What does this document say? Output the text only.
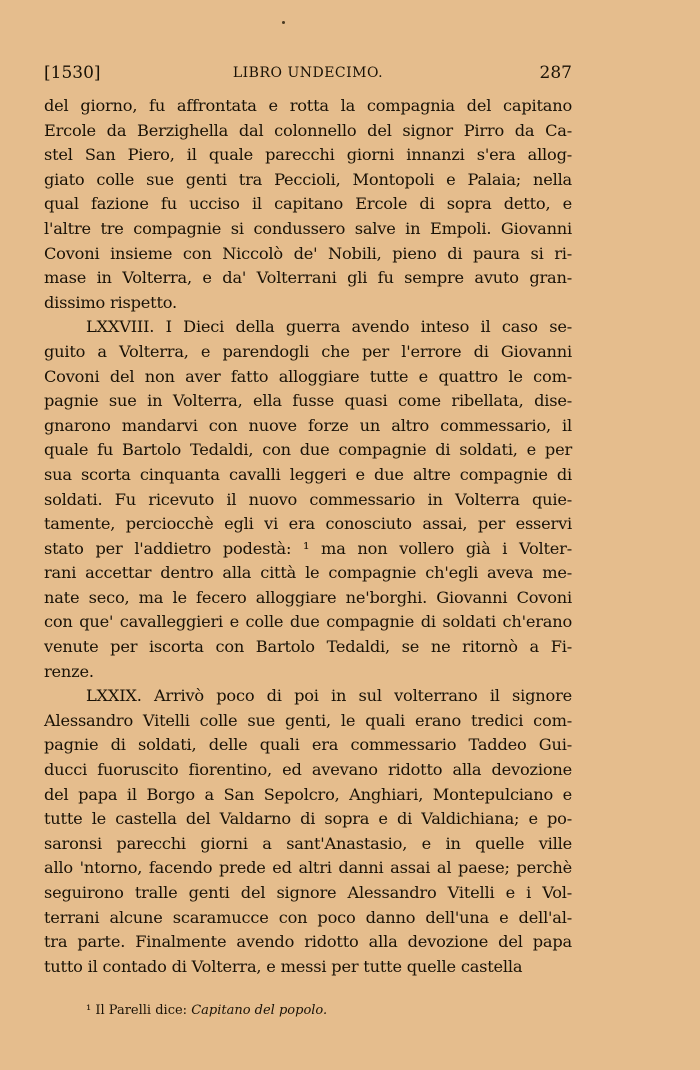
[1530]	LIBRO UNDECIMO.	287
del giorno, fu affrontata e rotta la compagnia del capitano
Ercole da Berzighella dal colonnello del signor Pirro da Ca-
stel San Piero, il quale parecchi giorni innanzi s'era allog-
giato colle sue genti tra Peccioli, Montopoli e Palaia; nella
qual fazione fu ucciso il capitano Ercole di sopra detto, e
l'altre tre compagnie si condussero salve in Empoli. Giovanni
Covoni insieme con Niccolò de' Nobili, pieno di paura si ri-
mase in Volterra, e da' Volterrani gli fu sempre avuto gran-
dissimo rispetto.
LXXVIII. I Dieci della guerra avendo inteso il caso se-
guito a Volterra, e parendogli che per l'errore di Giovanni
Covoni del non aver fatto alloggiare tutte e quattro le com-
pagnie sue in Volterra, ella fusse quasi come ribellata, dise-
gnarono mandarvi con nuove forze un altro commessario, il
quale fu Bartolo Tedaldi, con due compagnie di soldati, e per
sua scorta cinquanta cavalli leggeri e due altre compagnie di
soldati. Fu ricevuto il nuovo commessario in Volterra quie-
tamente, perciocchè egli vi era conosciuto assai, per esservi
stato per l'addietro podestà: ¹ ma non vollero già i Volter-
rani accettar dentro alla città le compagnie ch'egli aveva me-
nate seco, ma le fecero alloggiare ne'borghi. Giovanni Covoni
con que' cavalleggieri e colle due compagnie di soldati ch'erano
venute per iscorta con Bartolo Tedaldi, se ne ritornò a Fi-
renze.
LXXIX. Arrivò poco di poi in sul volterrano il signore
Alessandro Vitelli colle sue genti, le quali erano tredici com-
pagnie di soldati, delle quali era commessario Taddeo Gui-
ducci fuoruscito fiorentino, ed avevano ridotto alla devozione
del papa il Borgo a San Sepolcro, Anghiari, Montepulciano e
tutte le castella del Valdarno di sopra e di Valdichiana; e po-
saronsi parecchi giorni a sant'Anastasio, e in quelle ville
allo 'ntorno, facendo prede ed altri danni assai al paese; perchè
seguirono tralle genti del signore Alessandro Vitelli e i Vol-
terrani alcune scaramucce con poco danno dell'una e dell'al-
tra parte. Finalmente avendo ridotto alla devozione del papa
tutto il contado di Volterra, e messi per tutte quelle castella
¹ Il Parelli dice: Capitano del popolo.
